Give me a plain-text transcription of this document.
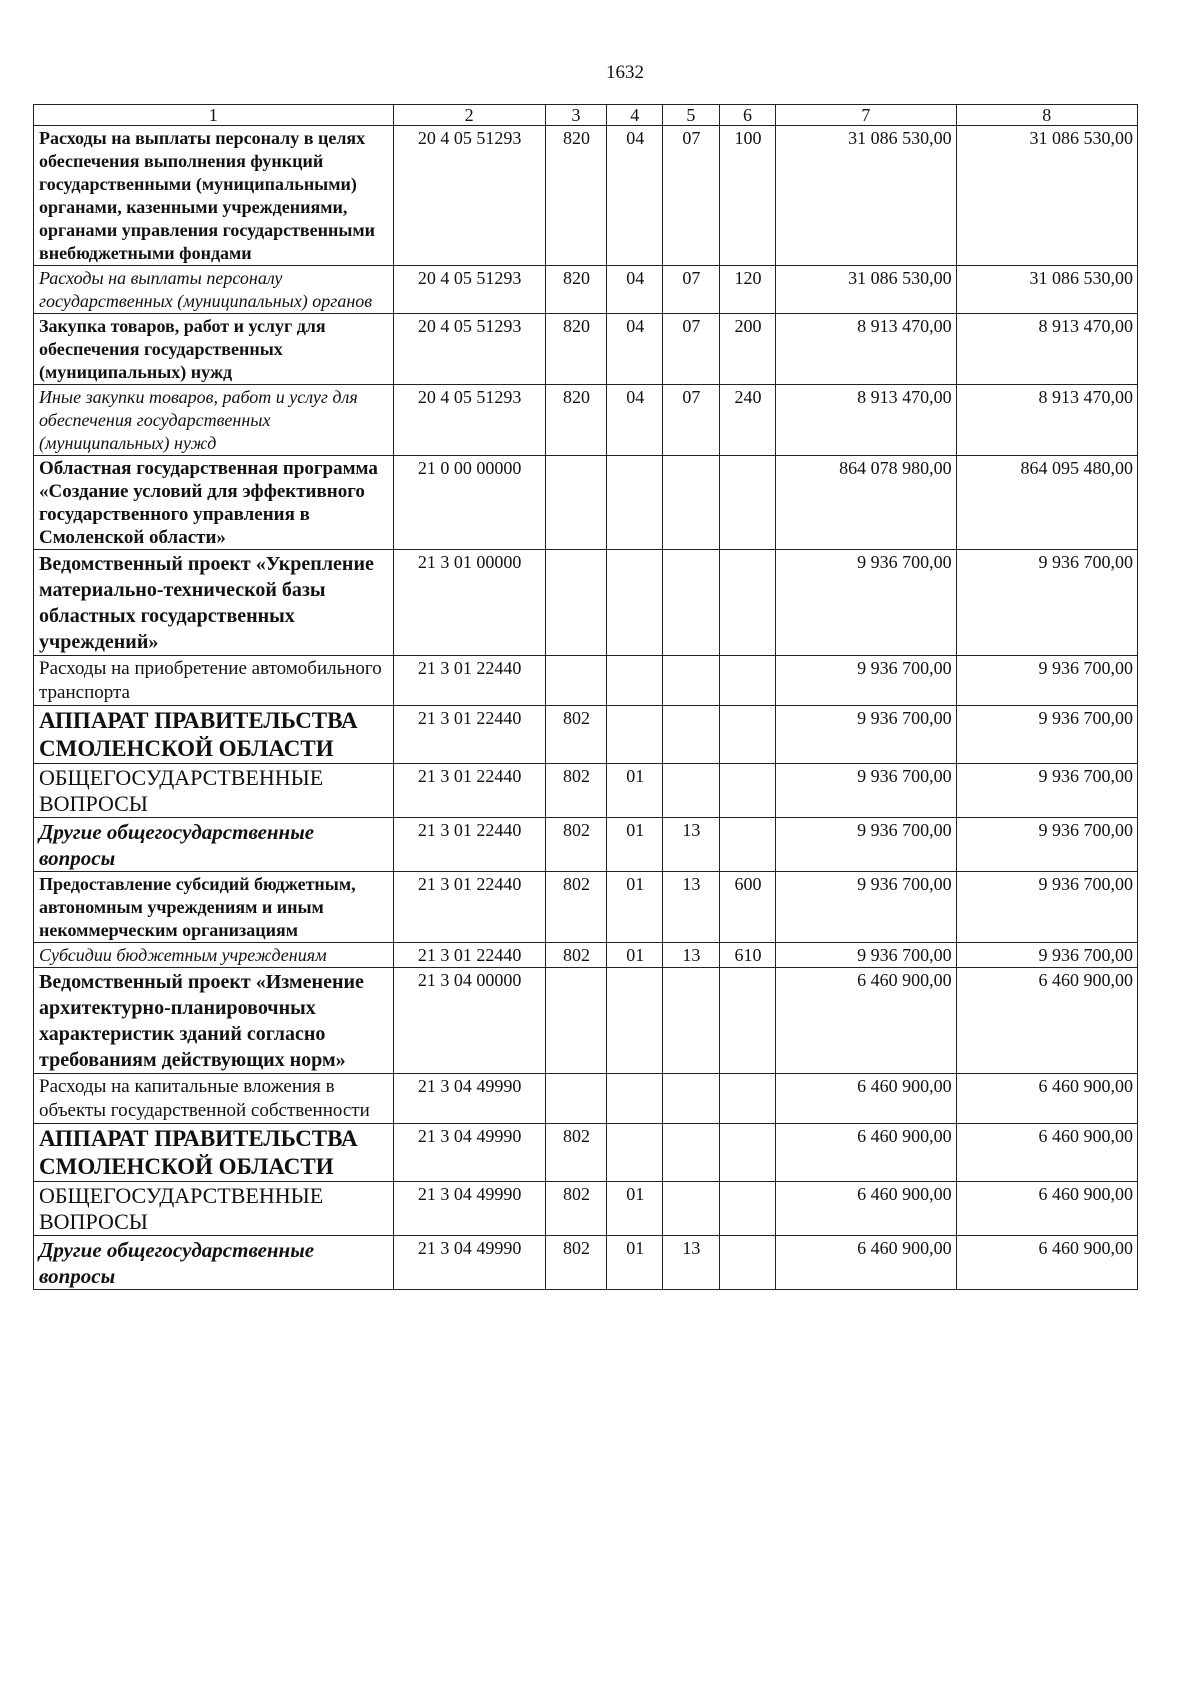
1632
1	2	3	4	5	6	7	8
Расходы на выплаты персоналу в целях обеспечения выполнения функций государственными (муниципальными) органами, казенными учреждениями, органами управления государственными внебюджетными фондами	20 4 05 51293	820	04	07	100	31 086 530,00	31 086 530,00
Расходы на выплаты персоналу государственных (муниципальных) органов	20 4 05 51293	820	04	07	120	31 086 530,00	31 086 530,00
Закупка товаров, работ и услуг для обеспечения государственных (муниципальных) нужд	20 4 05 51293	820	04	07	200	8 913 470,00	8 913 470,00
Иные закупки товаров, работ и услуг для обеспечения государственных (муниципальных) нужд	20 4 05 51293	820	04	07	240	8 913 470,00	8 913 470,00
Областная государственная программа «Создание условий для эффективного государственного управления в Смоленской области»	21 0 00 00000					864 078 980,00	864 095 480,00
Ведомственный проект «Укрепление материально-технической базы областных государственных учреждений»	21 3 01 00000					9 936 700,00	9 936 700,00
Расходы на приобретение автомобильного транспорта	21 3 01 22440					9 936 700,00	9 936 700,00
АППАРАТ ПРАВИТЕЛЬСТВА СМОЛЕНСКОЙ ОБЛАСТИ	21 3 01 22440	802				9 936 700,00	9 936 700,00
ОБЩЕГОСУДАРСТВЕННЫЕ ВОПРОСЫ	21 3 01 22440	802	01			9 936 700,00	9 936 700,00
Другие общегосударственные вопросы	21 3 01 22440	802	01	13		9 936 700,00	9 936 700,00
Предоставление субсидий бюджетным, автономным учреждениям и иным некоммерческим организациям	21 3 01 22440	802	01	13	600	9 936 700,00	9 936 700,00
Субсидии бюджетным учреждениям	21 3 01 22440	802	01	13	610	9 936 700,00	9 936 700,00
Ведомственный проект «Изменение архитектурно-планировочных характеристик зданий согласно требованиям действующих норм»	21 3 04 00000					6 460 900,00	6 460 900,00
Расходы на капитальные вложения в объекты государственной собственности	21 3 04 49990					6 460 900,00	6 460 900,00
АППАРАТ ПРАВИТЕЛЬСТВА СМОЛЕНСКОЙ ОБЛАСТИ	21 3 04 49990	802				6 460 900,00	6 460 900,00
ОБЩЕГОСУДАРСТВЕННЫЕ ВОПРОСЫ	21 3 04 49990	802	01			6 460 900,00	6 460 900,00
Другие общегосударственные вопросы	21 3 04 49990	802	01	13		6 460 900,00	6 460 900,00
